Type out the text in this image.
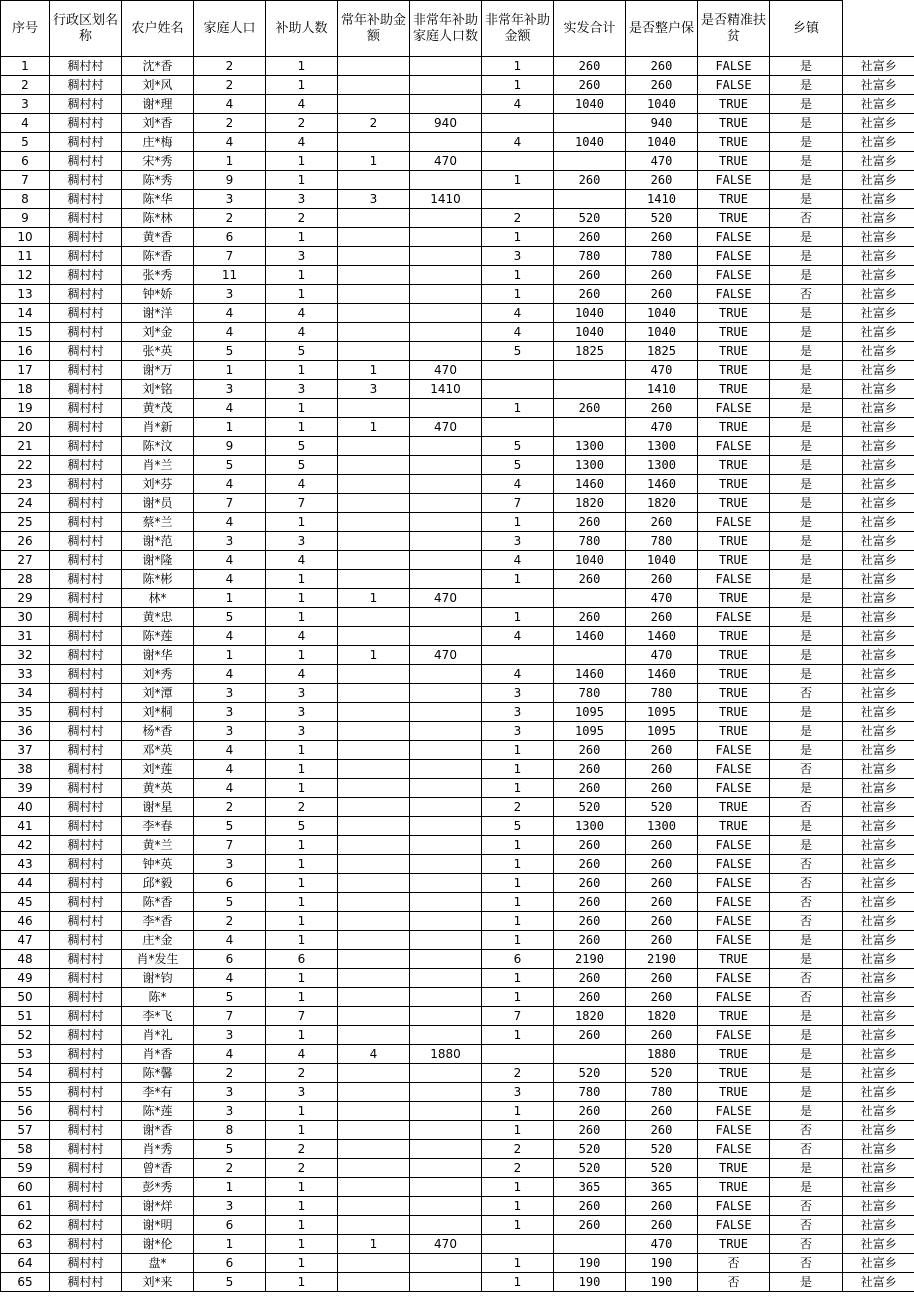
序号	行政区划名称	农户姓名	家庭人口	补助人数	常年补助金额	非常年补助家庭人口数	非常年补助金额	实发合计	是否整户保	是否精准扶贫	乡镇	
1	稠村村	沈*香	2	1			1	260	260	FALSE	是	社富乡
2	稠村村	刘*风	2	1			1	260	260	FALSE	是	社富乡
3	稠村村	谢*理	4	4			4	1040	1040	TRUE	是	社富乡
4	稠村村	刘*香	2	2	2	940			940	TRUE	是	社富乡
5	稠村村	庄*梅	4	4			4	1040	1040	TRUE	是	社富乡
6	稠村村	宋*秀	1	1	1	470			470	TRUE	是	社富乡
7	稠村村	陈*秀	9	1			1	260	260	FALSE	是	社富乡
8	稠村村	陈*华	3	3	3	1410			1410	TRUE	是	社富乡
9	稠村村	陈*林	2	2			2	520	520	TRUE	否	社富乡
10	稠村村	黄*香	6	1			1	260	260	FALSE	是	社富乡
11	稠村村	陈*香	7	3			3	780	780	FALSE	是	社富乡
12	稠村村	张*秀	11	1			1	260	260	FALSE	是	社富乡
13	稠村村	钟*娇	3	1			1	260	260	FALSE	否	社富乡
14	稠村村	谢*洋	4	4			4	1040	1040	TRUE	是	社富乡
15	稠村村	刘*金	4	4			4	1040	1040	TRUE	是	社富乡
16	稠村村	张*英	5	5			5	1825	1825	TRUE	是	社富乡
17	稠村村	谢*万	1	1	1	470			470	TRUE	是	社富乡
18	稠村村	刘*铭	3	3	3	1410			1410	TRUE	是	社富乡
19	稠村村	黄*茂	4	1			1	260	260	FALSE	是	社富乡
20	稠村村	肖*新	1	1	1	470			470	TRUE	是	社富乡
21	稠村村	陈*汶	9	5			5	1300	1300	FALSE	是	社富乡
22	稠村村	肖*兰	5	5			5	1300	1300	TRUE	是	社富乡
23	稠村村	刘*芬	4	4			4	1460	1460	TRUE	是	社富乡
24	稠村村	谢*员	7	7			7	1820	1820	TRUE	是	社富乡
25	稠村村	蔡*兰	4	1			1	260	260	FALSE	是	社富乡
26	稠村村	谢*范	3	3			3	780	780	TRUE	是	社富乡
27	稠村村	谢*隆	4	4			4	1040	1040	TRUE	是	社富乡
28	稠村村	陈*彬	4	1			1	260	260	FALSE	是	社富乡
29	稠村村	林*	1	1	1	470			470	TRUE	是	社富乡
30	稠村村	黄*忠	5	1			1	260	260	FALSE	是	社富乡
31	稠村村	陈*莲	4	4			4	1460	1460	TRUE	是	社富乡
32	稠村村	谢*华	1	1	1	470			470	TRUE	是	社富乡
33	稠村村	刘*秀	4	4			4	1460	1460	TRUE	是	社富乡
34	稠村村	刘*潭	3	3			3	780	780	TRUE	否	社富乡
35	稠村村	刘*桐	3	3			3	1095	1095	TRUE	是	社富乡
36	稠村村	杨*香	3	3			3	1095	1095	TRUE	是	社富乡
37	稠村村	邓*英	4	1			1	260	260	FALSE	是	社富乡
38	稠村村	刘*莲	4	1			1	260	260	FALSE	否	社富乡
39	稠村村	黄*英	4	1			1	260	260	FALSE	是	社富乡
40	稠村村	谢*星	2	2			2	520	520	TRUE	否	社富乡
41	稠村村	李*春	5	5			5	1300	1300	TRUE	是	社富乡
42	稠村村	黄*兰	7	1			1	260	260	FALSE	是	社富乡
43	稠村村	钟*英	3	1			1	260	260	FALSE	否	社富乡
44	稠村村	邱*毅	6	1			1	260	260	FALSE	否	社富乡
45	稠村村	陈*香	5	1			1	260	260	FALSE	否	社富乡
46	稠村村	李*香	2	1			1	260	260	FALSE	否	社富乡
47	稠村村	庄*金	4	1			1	260	260	FALSE	是	社富乡
48	稠村村	肖*发生	6	6			6	2190	2190	TRUE	是	社富乡
49	稠村村	谢*钧	4	1			1	260	260	FALSE	否	社富乡
50	稠村村	陈*	5	1			1	260	260	FALSE	否	社富乡
51	稠村村	李*飞	7	7			7	1820	1820	TRUE	是	社富乡
52	稠村村	肖*礼	3	1			1	260	260	FALSE	是	社富乡
53	稠村村	肖*香	4	4	4	1880			1880	TRUE	是	社富乡
54	稠村村	陈*馨	2	2			2	520	520	TRUE	是	社富乡
55	稠村村	李*有	3	3			3	780	780	TRUE	是	社富乡
56	稠村村	陈*莲	3	1			1	260	260	FALSE	是	社富乡
57	稠村村	谢*香	8	1			1	260	260	FALSE	否	社富乡
58	稠村村	肖*秀	5	2			2	520	520	FALSE	否	社富乡
59	稠村村	曾*香	2	2			2	520	520	TRUE	是	社富乡
60	稠村村	彭*秀	1	1			1	365	365	TRUE	是	社富乡
61	稠村村	谢*烊	3	1			1	260	260	FALSE	否	社富乡
62	稠村村	谢*明	6	1			1	260	260	FALSE	否	社富乡
63	稠村村	谢*伦	1	1	1	470			470	TRUE	否	社富乡
64	稠村村	盘*	6	1			1	190	190	否	否	社富乡
65	稠村村	刘*来	5	1			1	190	190	否	是	社富乡
